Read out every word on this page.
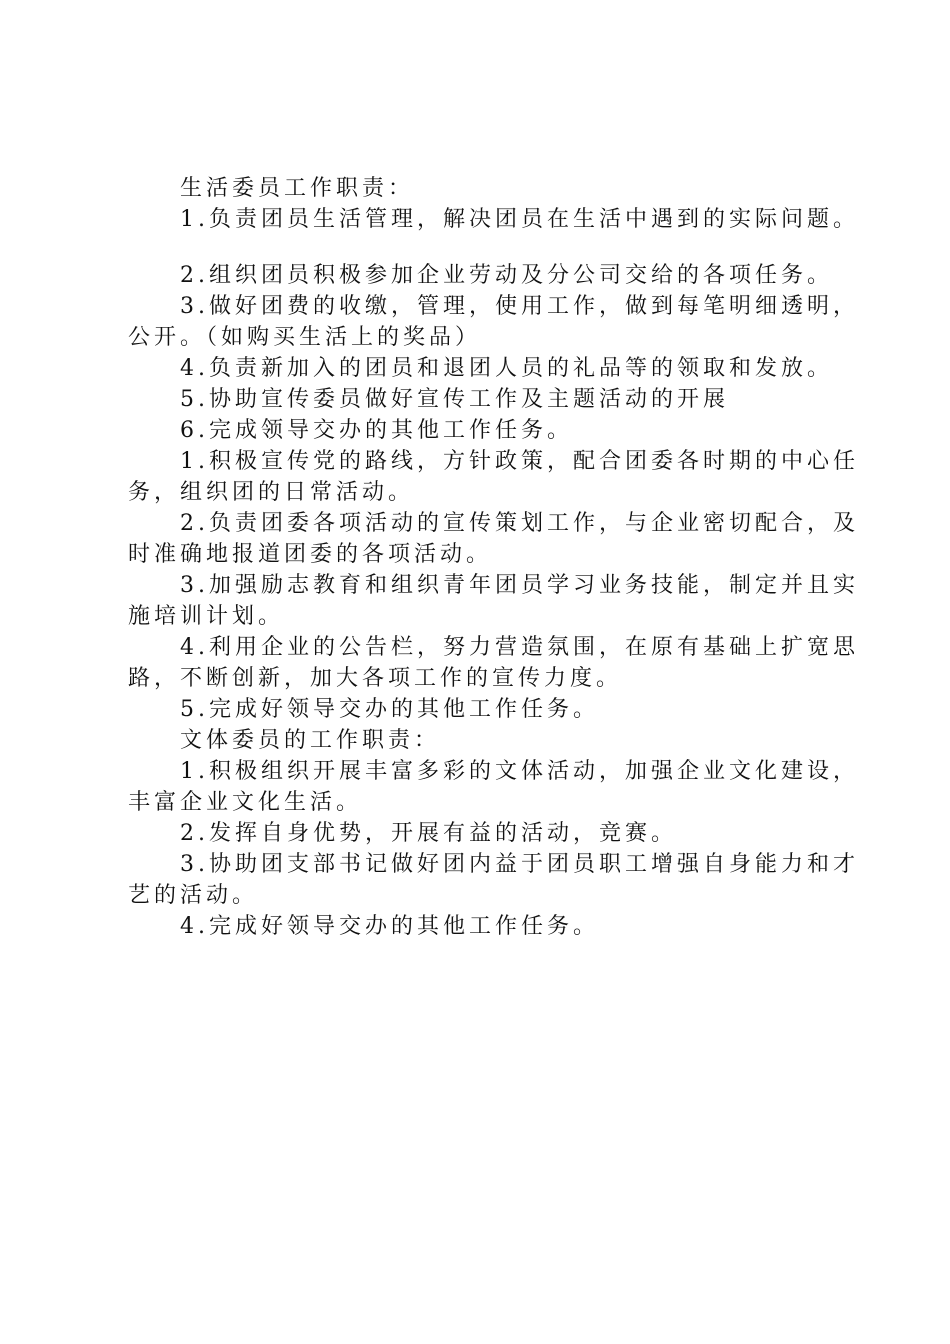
生活委员工作职责：

1.负责团员生活管理，解决团员在生活中遇到的实际问题。

2.组织团员积极参加企业劳动及分公司交给的各项任务。

3.做好团费的收缴，管理，使用工作，做到每笔明细透明，公开。（如购买生活上的奖品）

4.负责新加入的团员和退团人员的礼品等的领取和发放。

5.协助宣传委员做好宣传工作及主题活动的开展

6.完成领导交办的其他工作任务。

1.积极宣传党的路线，方针政策，配合团委各时期的中心任务，组织团的日常活动。

2.负责团委各项活动的宣传策划工作，与企业密切配合，及时准确地报道团委的各项活动。

3.加强励志教育和组织青年团员学习业务技能，制定并且实施培训计划。

4.利用企业的公告栏，努力营造氛围，在原有基础上扩宽思路，不断创新，加大各项工作的宣传力度。

5.完成好领导交办的其他工作任务。

文体委员的工作职责：

1.积极组织开展丰富多彩的文体活动，加强企业文化建设，丰富企业文化生活。

2.发挥自身优势，开展有益的活动，竞赛。

3.协助团支部书记做好团内益于团员职工增强自身能力和才艺的活动。

4.完成好领导交办的其他工作任务。
